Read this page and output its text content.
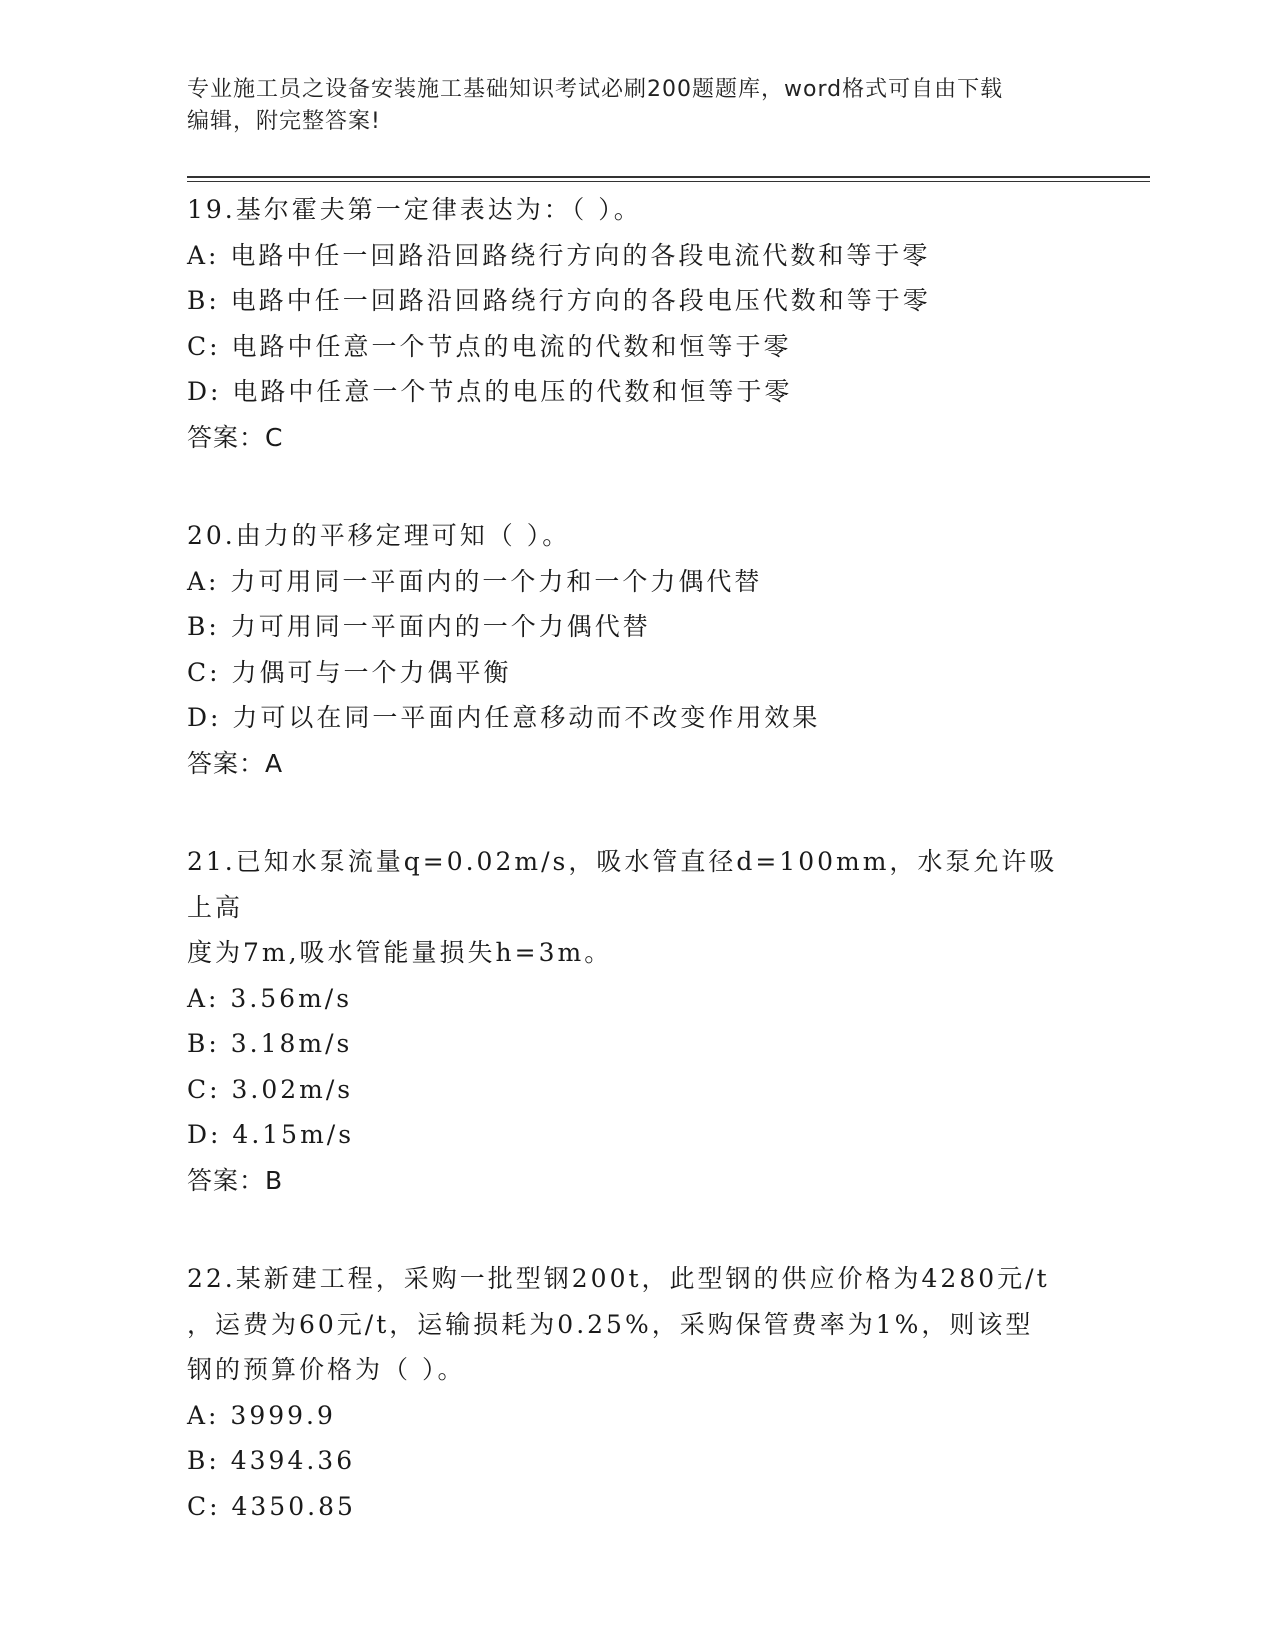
专业施工员之设备安装施工基础知识考试必刷200题题库，word格式可自由下载
编辑，附完整答案!
19.基尔霍夫第一定律表达为：（ ）。
A: 电路中任一回路沿回路绕行方向的各段电流代数和等于零
B: 电路中任一回路沿回路绕行方向的各段电压代数和等于零
C: 电路中任意一个节点的电流的代数和恒等于零
D: 电路中任意一个节点的电压的代数和恒等于零
答案：C
20.由力的平移定理可知（ ）。
A: 力可用同一平面内的一个力和一个力偶代替
B: 力可用同一平面内的一个力偶代替
C: 力偶可与一个力偶平衡
D: 力可以在同一平面内任意移动而不改变作用效果
答案：A
21.已知水泵流量q=0.02m/s，吸水管直径d=100mm，水泵允许吸上高
度为7m,吸水管能量损失h=3m。
A: 3.56m/s
B: 3.18m/s
C: 3.02m/s
D: 4.15m/s
答案：B
22.某新建工程，采购一批型钢200t，此型钢的供应价格为4280元/t
，运费为60元/t，运输损耗为0.25%，采购保管费率为1%，则该型
钢的预算价格为（ ）。
A: 3999.9
B: 4394.36
C: 4350.85
